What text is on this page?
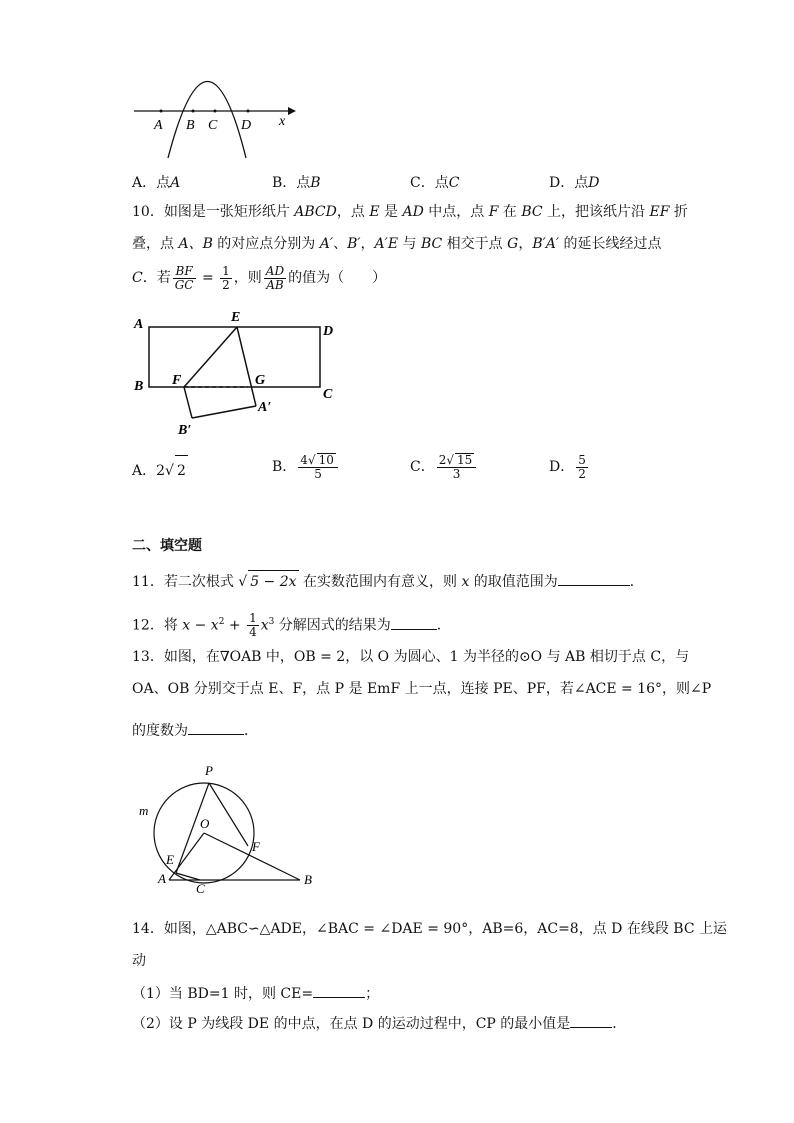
A B C D x
A．点A	B．点B	C．点C	D．点D
10．如图是一张矩形纸片 ABCD，点 E 是 AD 中点，点 F 在 BC 上，把该纸片沿 EF 折
叠，点 A、B 的对应点分别为 A′、B′，A′E 与 BC 相交于点 G，B′A′ 的延长线经过点
C．若 $\frac{BF}{GC} = \frac{1}{2}$ ，则 $\frac{AD}{AB}$ 的值为（　　）
A	E
D
B F	G
C
A′
B′
A．2√ 2	B． $\frac{4√ 10}{5}$	C． $\frac{2√ 15}{3}$	D． $\frac{5}{2}$
二、填空题
11．若二次根式 √ 5 − 2x 在实数范围内有意义，则 x 的取值范围为	．
12．将 $x - x^2 + \frac{1}{4} x^3$ 分解因式的结果为	．
13．如图，在∇OAB 中，OB = 2，以 O 为圆心、1 为半径的⊙O 与 AB 相切于点 C，与
OA、OB 分别交于点 E、F，点 P 是 EmF 上一点，连接 PE、PF，若∠ACE = 16°，则∠P
的度数为	．
P
m
O
F
E
A
C
B
14．如图，△ABC∽△ADE，∠BAC = ∠DAE = 90°，AB=6，AC=8，点 D 在线段 BC 上运
动
（1）当 BD=1 时，则 CE=	；
（2）设 P 为线段 DE 的中点，在点 D 的运动过程中，CP 的最小值是	．
